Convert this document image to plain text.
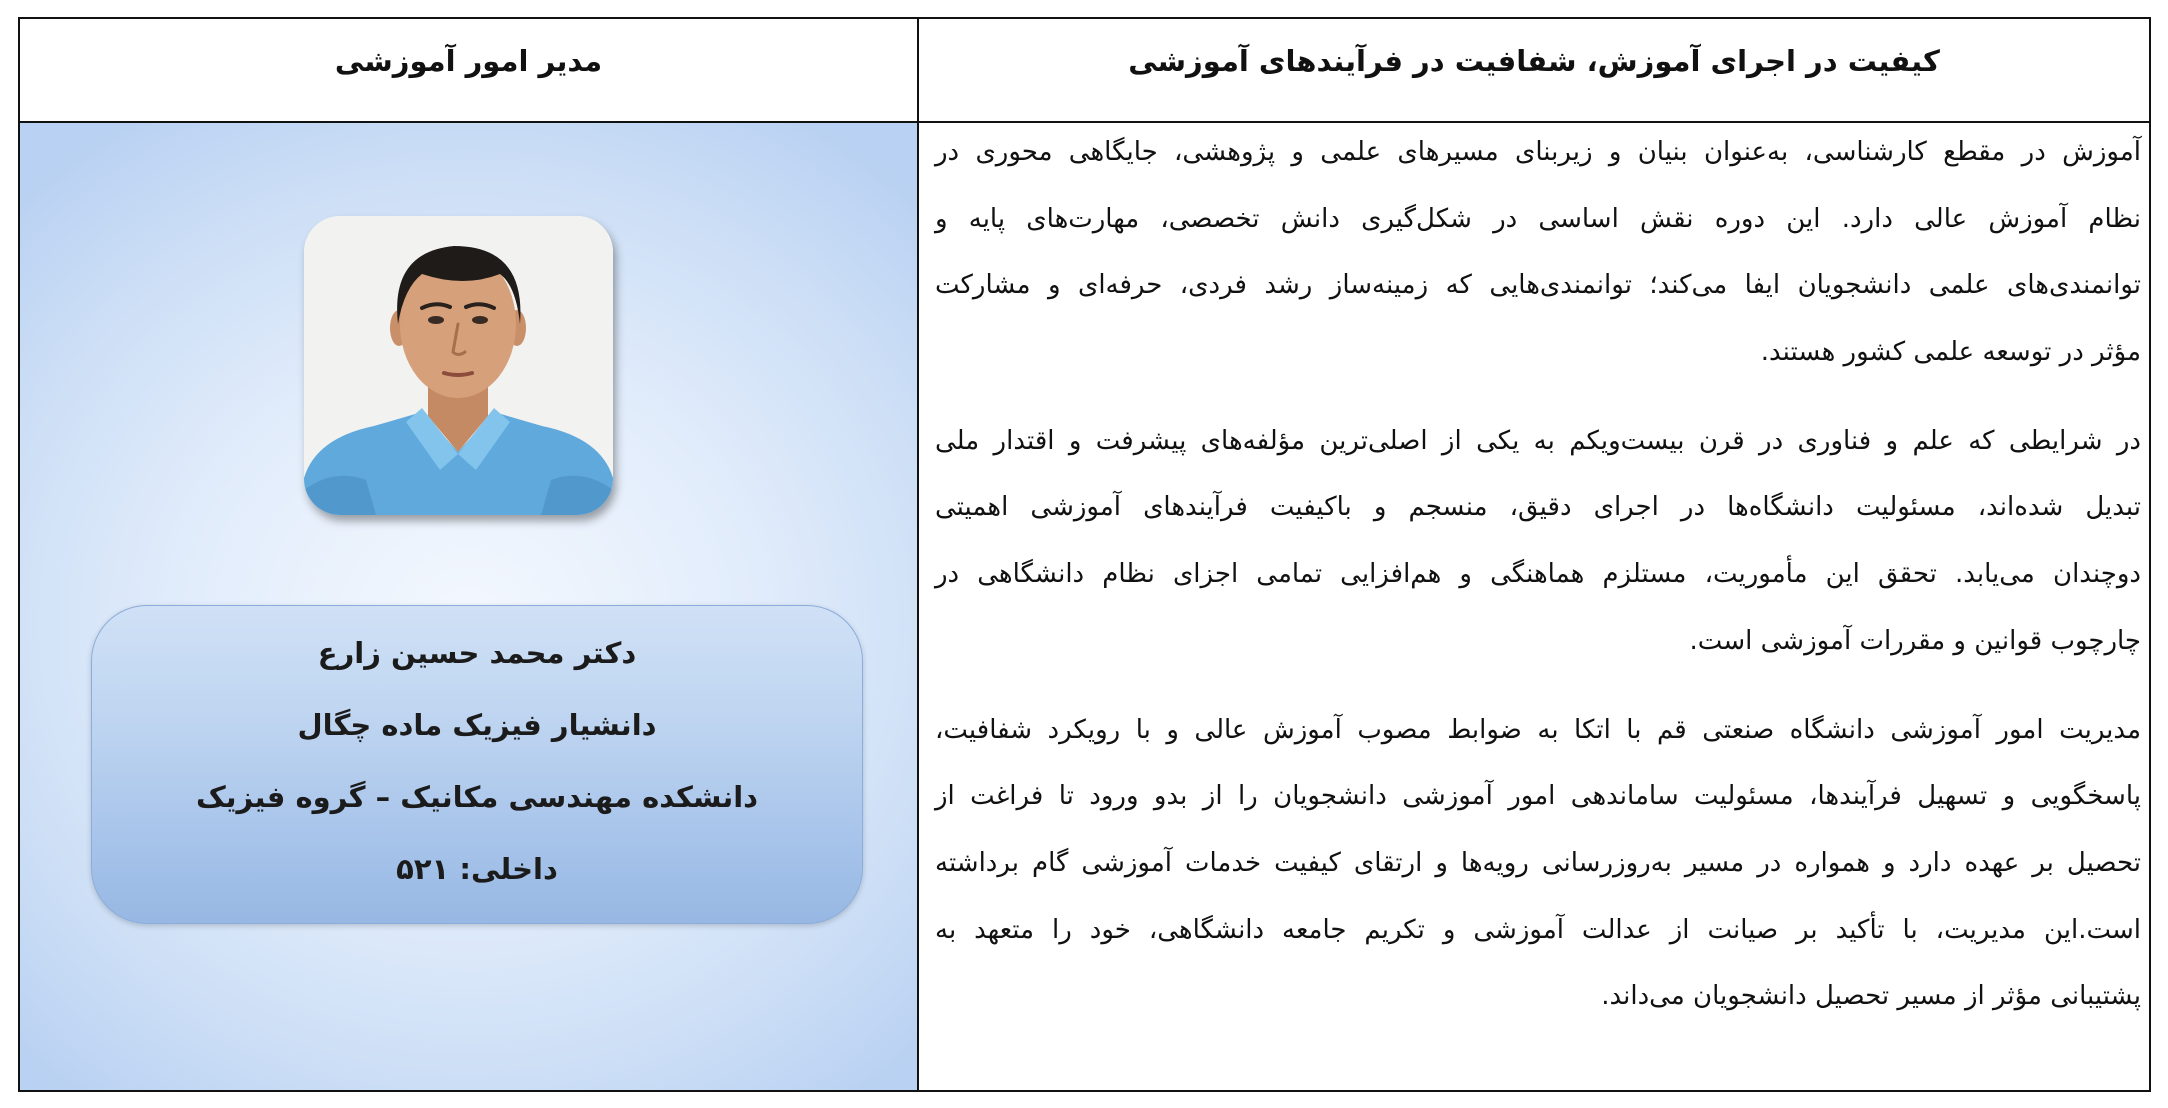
کیفیت در اجرای آموزش، شفافیت در فرآیندهای آموزشی
مدیر امور آموزشی
دکتر محمد حسین زارع
دانشیار فیزیک ماده چگال
دانشکده مهندسی مکانیک – گروه فیزیک
داخلی: ۵۲۱
آموزش در مقطع کارشناسی، به‌عنوان بنیان و زیربنای مسیرهای علمی و پژوهشی، جایگاهی محوری در
نظام آموزش عالی دارد. این دوره نقش اساسی در شکل‌گیری دانش تخصصی، مهارت‌های پایه و
توانمندی‌های علمی دانشجویان ایفا می‌کند؛ توانمندی‌هایی که زمینه‌ساز رشد فردی، حرفه‌ای و مشارکت
مؤثر در توسعه علمی کشور هستند.
در شرایطی که علم و فناوری در قرن بیست‌ویکم به یکی از اصلی‌ترین مؤلفه‌های پیشرفت و اقتدار ملی
تبدیل شده‌اند، مسئولیت دانشگاه‌ها در اجرای دقیق، منسجم و باکیفیت فرآیندهای آموزشی اهمیتی
دوچندان می‌یابد. تحقق این مأموریت، مستلزم هماهنگی و هم‌افزایی تمامی اجزای نظام دانشگاهی در
چارچوب قوانین و مقررات آموزشی است.
مدیریت امور آموزشی دانشگاه صنعتی قم با اتکا به ضوابط مصوب آموزش عالی و با رویکرد شفافیت،
پاسخگویی و تسهیل فرآیندها، مسئولیت ساماندهی امور آموزشی دانشجویان را از بدو ورود تا فراغت از
تحصیل بر عهده دارد و همواره در مسیر به‌روزرسانی رویه‌ها و ارتقای کیفیت خدمات آموزشی گام برداشته
است.این مدیریت، با تأکید بر صیانت از عدالت آموزشی و تکریم جامعه دانشگاهی، خود را متعهد به
پشتیبانی مؤثر از مسیر تحصیل دانشجویان می‌داند.
